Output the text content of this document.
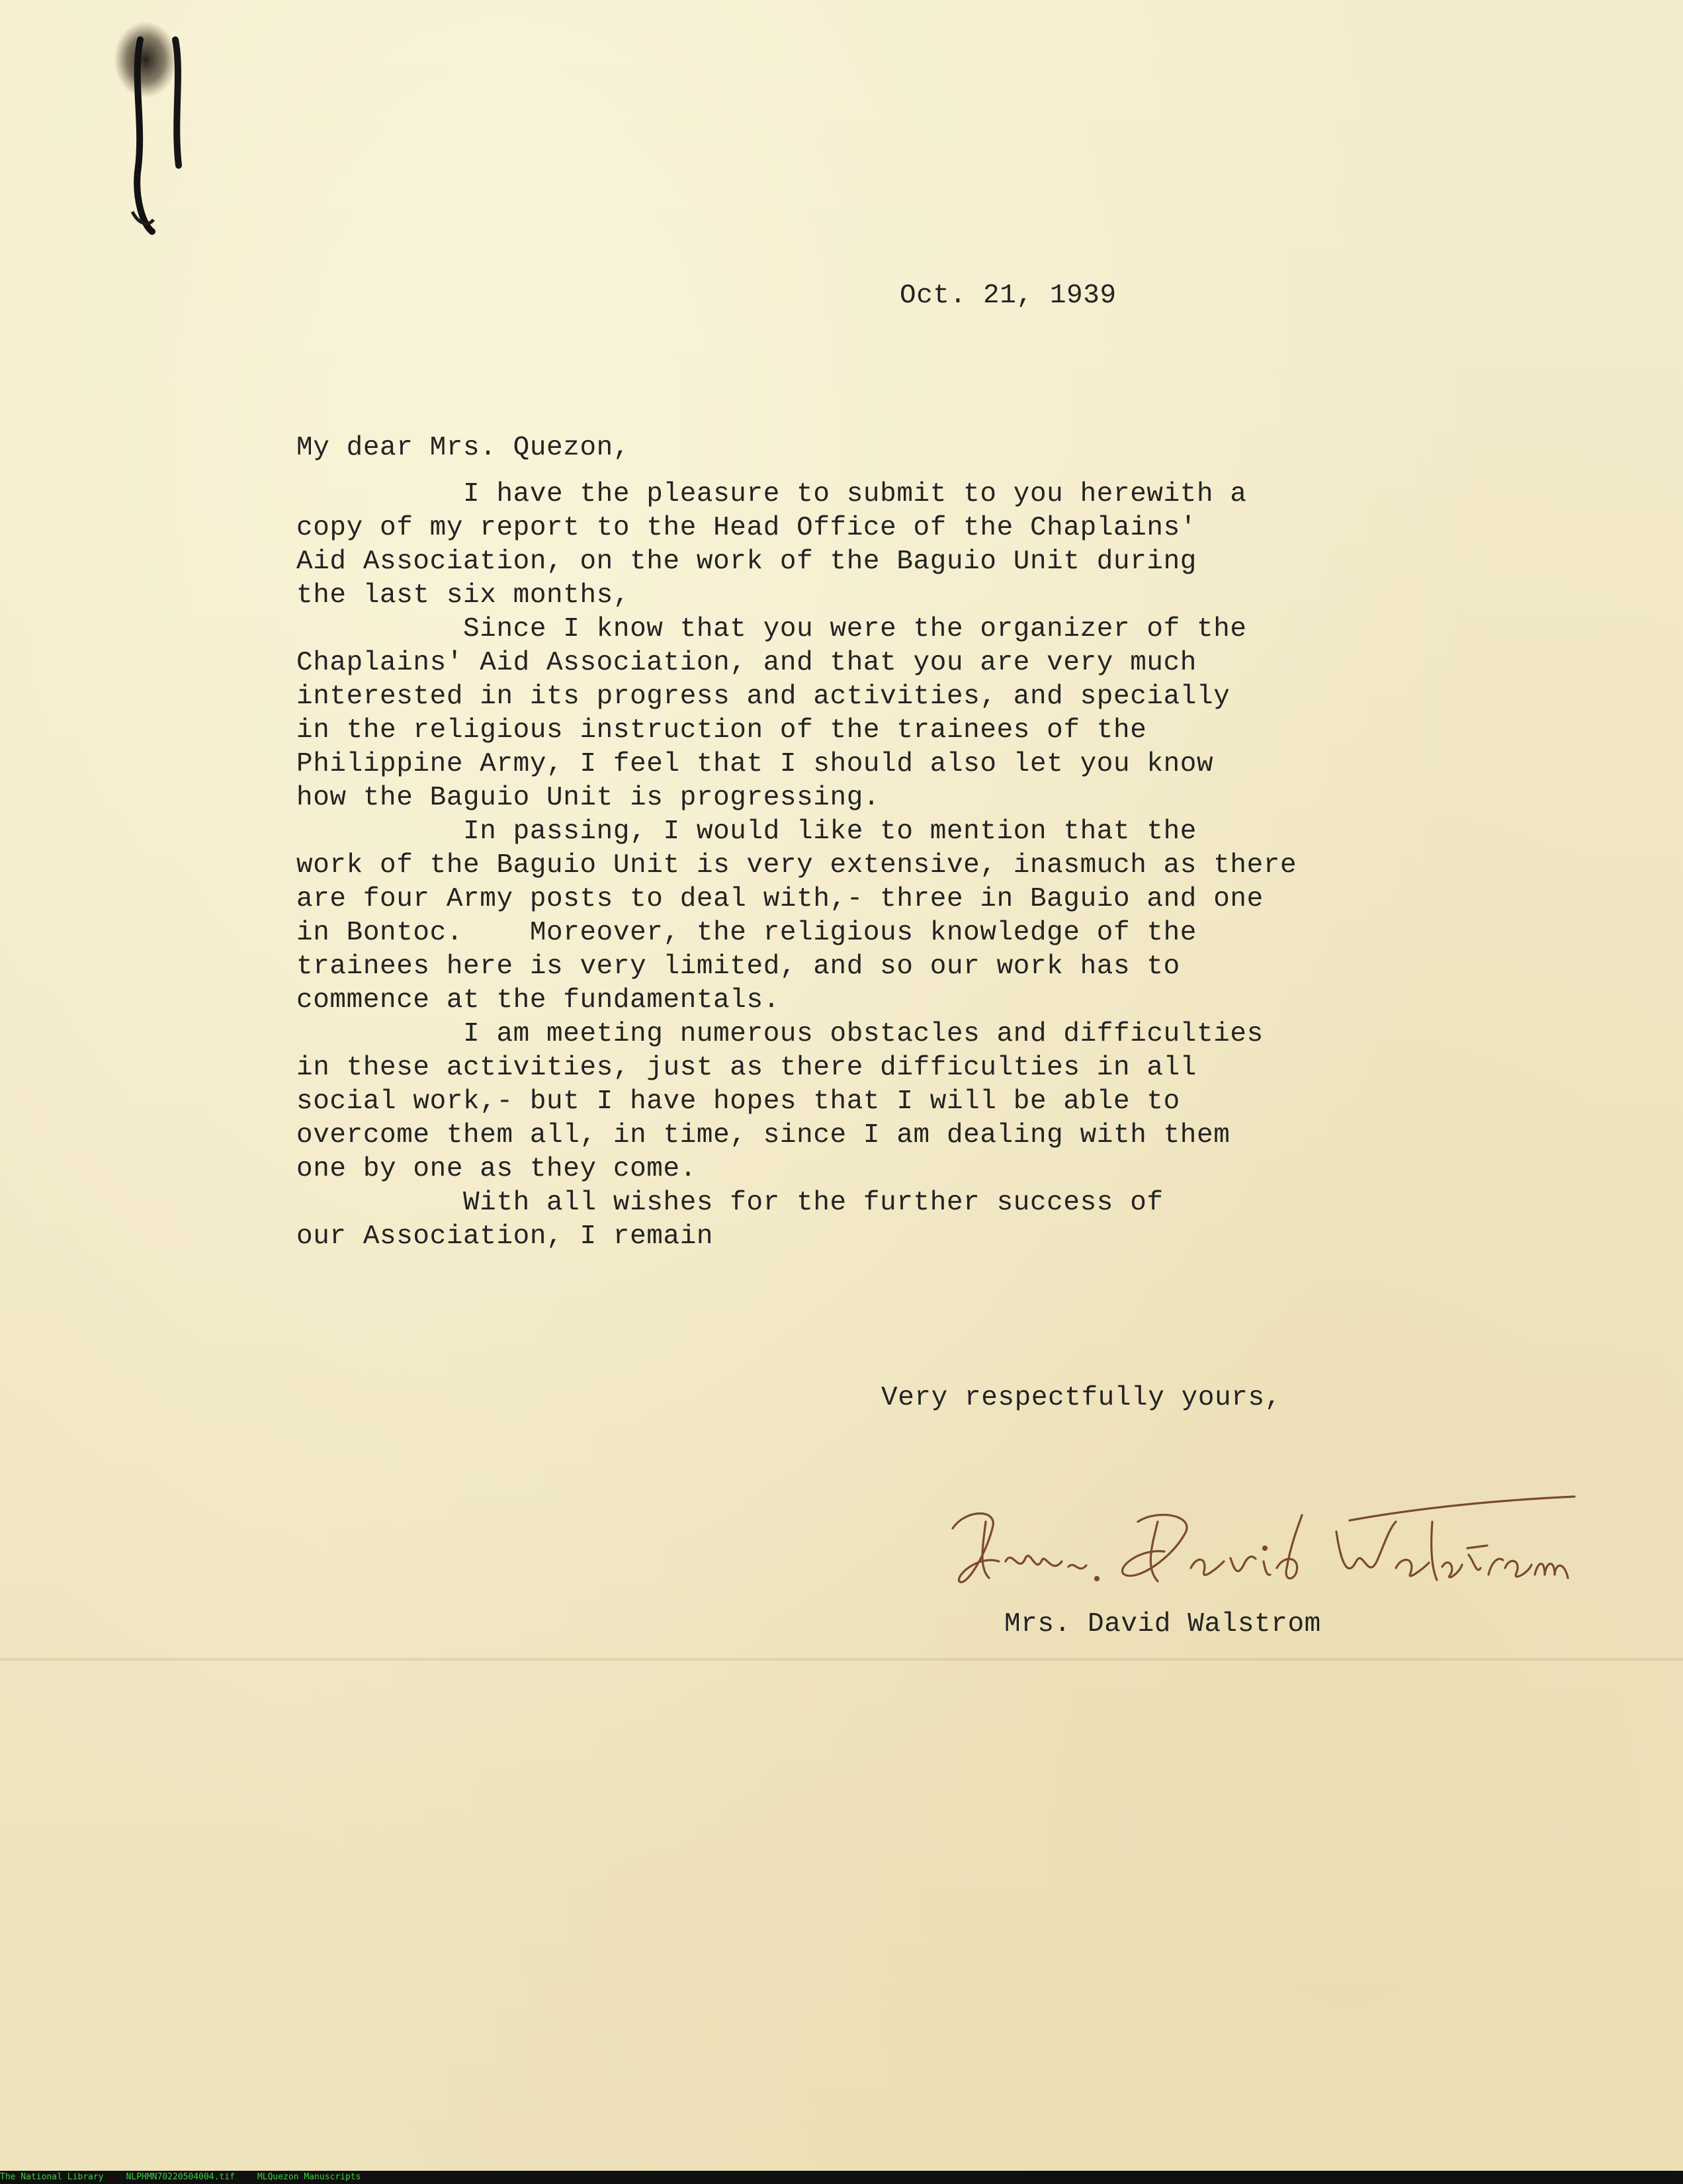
Oct. 21, 1939

My dear Mrs. Quezon,

I have the pleasure to submit to you herewith a
copy of my report to the Head Office of the Chaplains'
Aid Association, on the work of the Baguio Unit during
the last six months,
Since I know that you were the organizer of the
Chaplains' Aid Association, and that you are very much
interested in its progress and activities, and specially
in the religious instruction of the trainees of the
Philippine Army, I feel that I should also let you know
how the Baguio Unit is progressing.
In passing, I would like to mention that the
work of the Baguio Unit is very extensive, inasmuch as there
are four Army posts to deal with,- three in Baguio and one
in Bontoc.    Moreover, the religious knowledge of the
trainees here is very limited, and so our work has to
commence at the fundamentals.
I am meeting numerous obstacles and difficulties
in these activities, just as there difficulties in all
social work,- but I have hopes that I will be able to
overcome them all, in time, since I am dealing with them
one by one as they come.
With all wishes for the further success of
our Association, I remain

Very respectfully yours,

Mrs. David Walstrom

The National Library	NLPHMN70220504004.tif	MLQuezon Manuscripts
